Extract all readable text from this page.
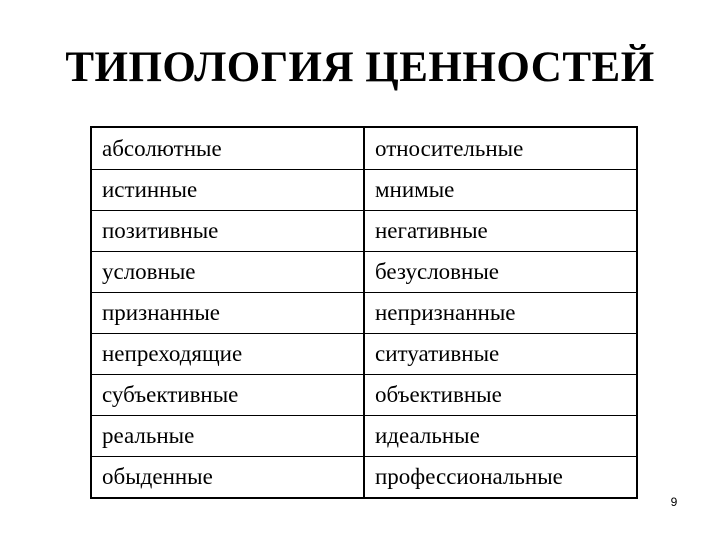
ТИПОЛОГИЯ ЦЕННОСТЕЙ
абсолютные	относительные
истинные	мнимые
позитивные	негативные
условные	безусловные
признанные	непризнанные
непреходящие	ситуативные
субъективные	объективные
реальные	идеальные
обыденные	профессиональные
9
